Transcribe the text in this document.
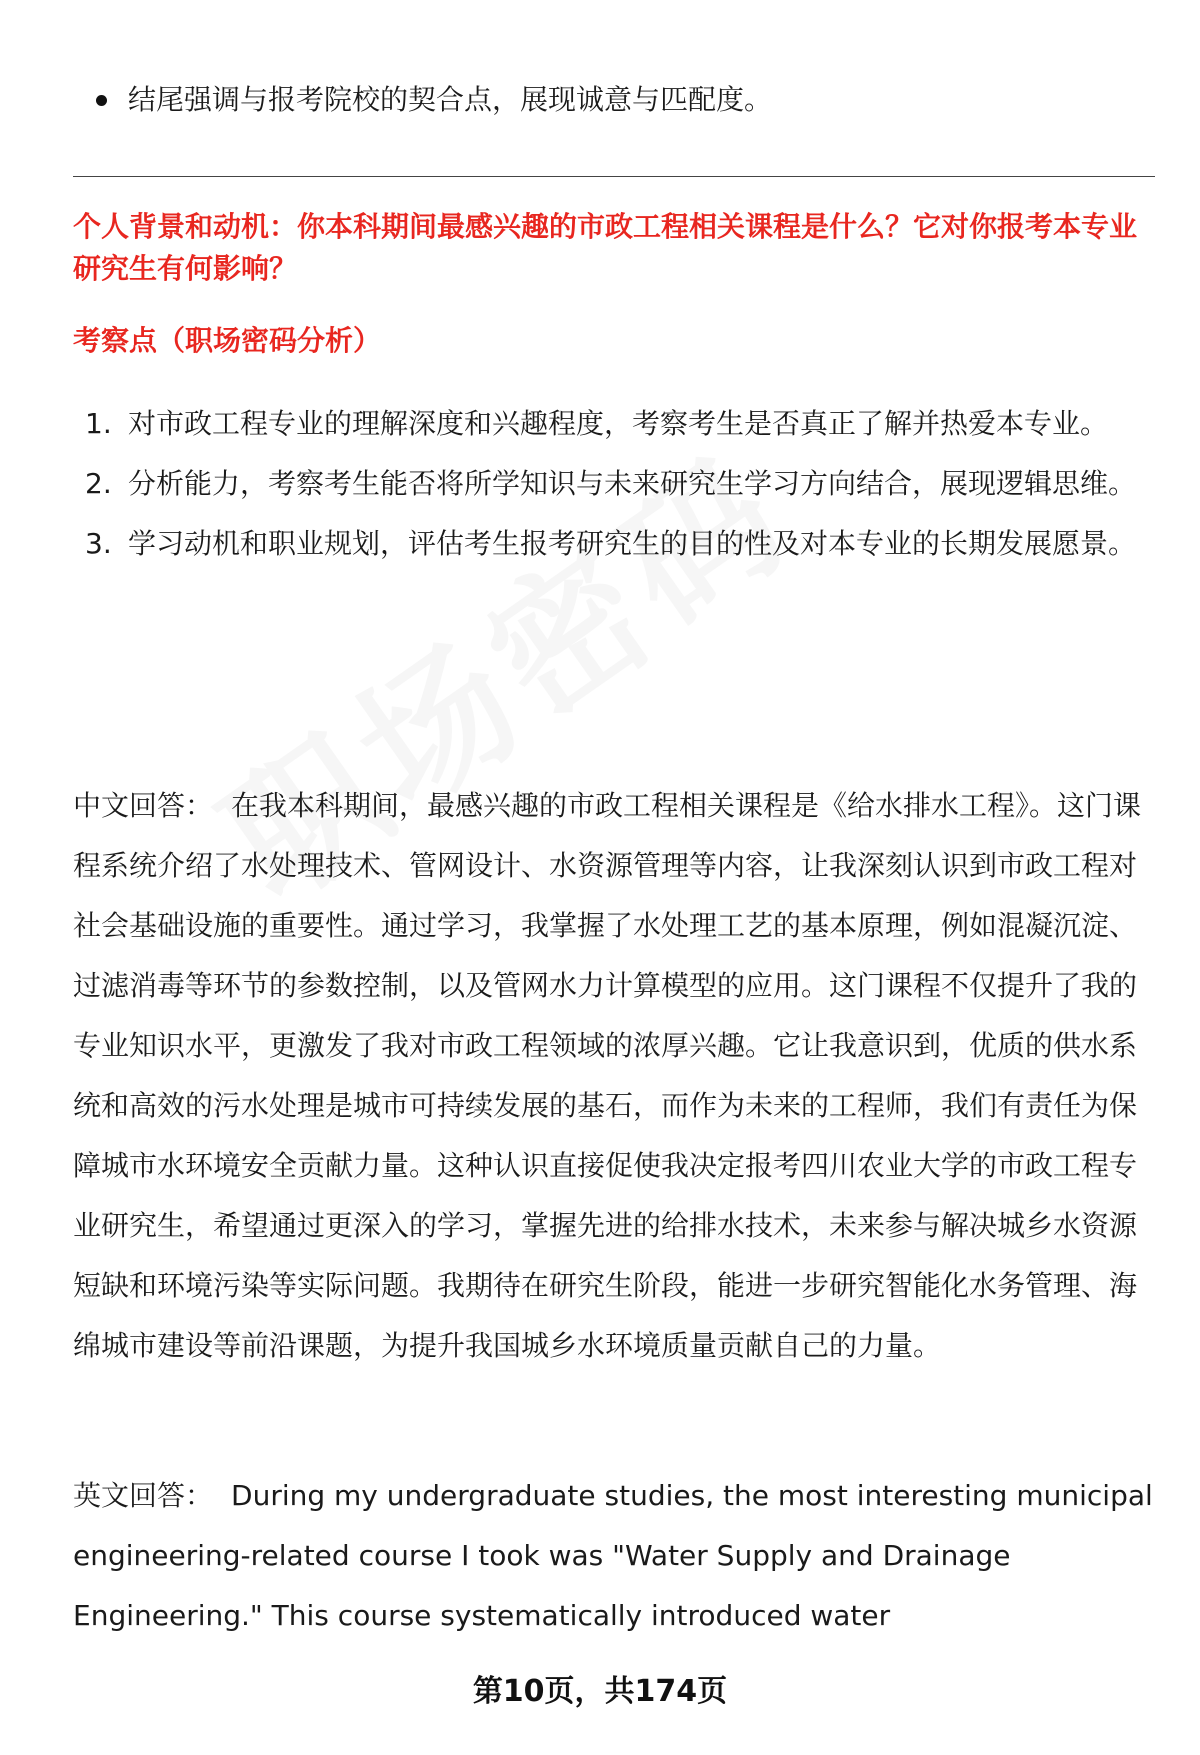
结尾强调与报考院校的契合点，展现诚意与匹配度。
个人背景和动机：你本科期间最感兴趣的市政工程相关课程是什么？它对你报考本专业研究生有何影响？
考察点（职场密码分析）
1. 对市政工程专业的理解深度和兴趣程度，考察考生是否真正了解并热爱本专业。
2. 分析能力，考察考生能否将所学知识与未来研究生学习方向结合，展现逻辑思维。
3. 学习动机和职业规划，评估考生报考研究生的目的性及对本专业的长期发展愿景。
中文回答： 在我本科期间，最感兴趣的市政工程相关课程是《给水排水工程》。这门课程系统介绍了水处理技术、管网设计、水资源管理等内容，让我深刻认识到市政工程对社会基础设施的重要性。通过学习，我掌握了水处理工艺的基本原理，例如混凝沉淀、过滤消毒等环节的参数控制，以及管网水力计算模型的应用。这门课程不仅提升了我的专业知识水平，更激发了我对市政工程领域的浓厚兴趣。它让我意识到，优质的供水系统和高效的污水处理是城市可持续发展的基石，而作为未来的工程师，我们有责任为保障城市水环境安全贡献力量。这种认识直接促使我决定报考四川农业大学的市政工程专业研究生，希望通过更深入的学习，掌握先进的给排水技术，未来参与解决城乡水资源短缺和环境污染等实际问题。我期待在研究生阶段，能进一步研究智能化水务管理、海绵城市建设等前沿课题，为提升我国城乡水环境质量贡献自己的力量。
英文回答： During my undergraduate studies, the most interesting municipal engineering-related course I took was "Water Supply and Drainage Engineering." This course systematically introduced water
第10页，共174页
